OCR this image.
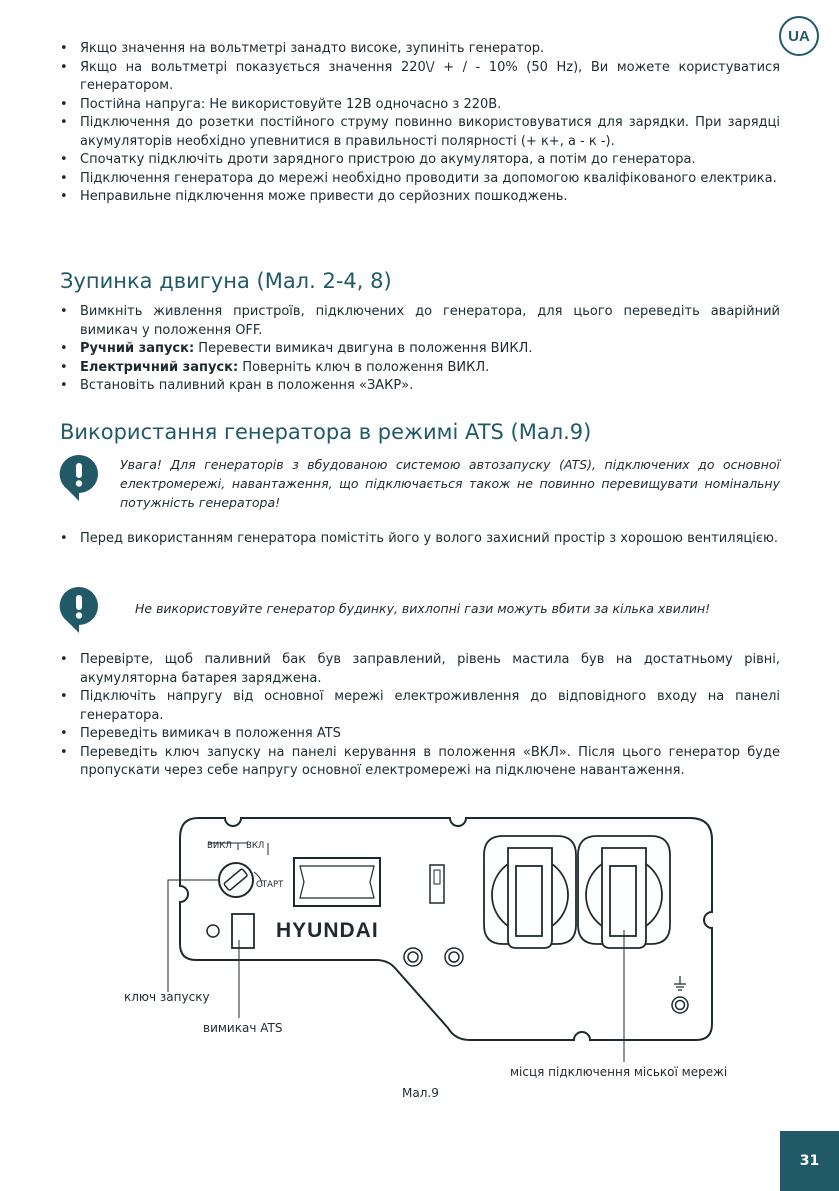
UA
• Якщо значення на вольтметрі занадто високе, зупиніть генератор.
• Якщо на вольтметрі показується значення 220\/ + / - 10% (50 Hz), Ви можете користуватися генератором.
• Постійна напруга: Не використовуйте 12В одночасно з 220В.
• Підключення до розетки постійного струму повинно використовуватися для зарядки. При зарядці акумуляторів необхідно упевнитися в правильності полярності (+ к+, а - к -).
• Спочатку підключіть дроти зарядного пристрою до акумулятора, а потім до генератора.
• Підключення генератора до мережі необхідно проводити за допомогою кваліфікованого електрика.
• Неправильне підключення може привести до серйозних пошкоджень.
Зупинка двигуна (Мал. 2-4, 8)
• Вимкніть живлення пристроїв, підключених до генератора, для цього переведіть аварійний вимикач у положення OFF.
• Ручний запуск: Перевести вимикач двигуна в положення ВИКЛ.
• Електричний запуск: Поверніть ключ в положення ВИКЛ.
• Встановіть паливний кран в положення «ЗАКР».
Використання генератора в режимі ATS (Мал.9)
Увага! Для генераторів з вбудованою системою автозапуску (ATS), підключених до основної електромережі, навантаження, що підключається також не повинно перевищувати номінальну потужність генератора!
• Перед використанням генератора помістіть його у волого захисний простір з хорошою вентиляцією.
Не використовуйте генератор будинку, вихлопні гази можуть вбити за кілька хвилин!
• Перевірте, щоб паливний бак був заправлений, рівень мастила був на достатньому рівні, акумуляторна батарея заряджена.
• Підключіть напругу від основної мережі електроживлення до відповідного входу на панелі генератора.
• Переведіть вимикач в положення ATS
• Переведіть ключ запуску на панелі керування в положення «ВКЛ». Після цього генератор буде пропускати через себе напругу основної електромережі на підключене навантаження.
HYUNDAI
ВИКЛ ВКЛ
СТАРТ
ключ запуску
вимикач ATS
місця підключення міської мережі
Мал.9
31
